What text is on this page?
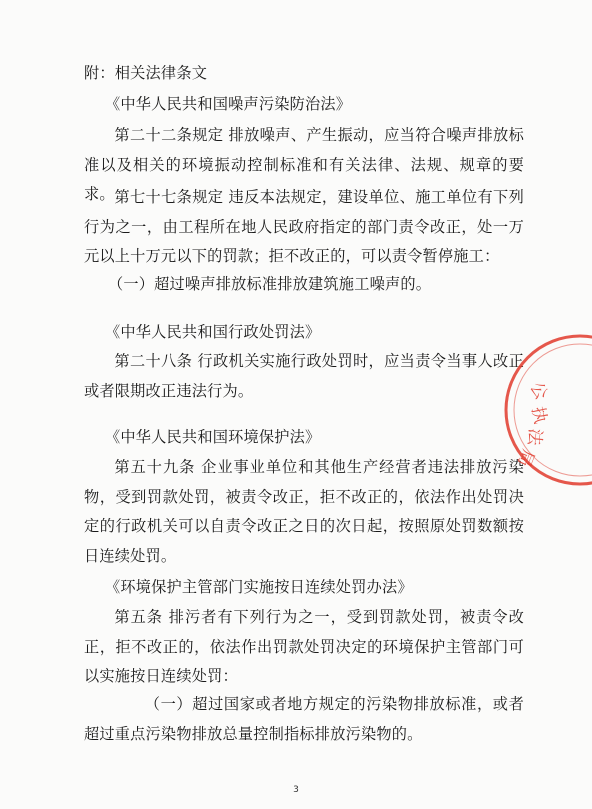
附：相关法律条文
《中华人民共和国噪声污染防治法》
第二十二条规定 排放噪声、产生振动，应当符合噪声排放标准以及相关的环境振动控制标准和有关法律、法规、规章的要求。 第七十七条规定 违反本法规定，建设单位、施工单位有下列行为之一，由工程所在地人民政府指定的部门责令改正，处一万元以上十万元以下的罚款；拒不改正的，可以责令暂停施工：
（一）超过噪声排放标准排放建筑施工噪声的。
《中华人民共和国行政处罚法》
第二十八条 行政机关实施行政处罚时，应当责令当事人改正或者限期改正违法行为。
《中华人民共和国环境保护法》
第五十九条 企业事业单位和其他生产经营者违法排放污染物，受到罚款处罚，被责令改正，拒不改正的，依法作出处罚决定的行政机关可以自责令改正之日的次日起，按照原处罚数额按日连续处罚。
《环境保护主管部门实施按日连续处罚办法》
第五条 排污者有下列行为之一，受到罚款处罚，被责令改正，拒不改正的，依法作出罚款处罚决定的环境保护主管部门可以实施按日连续处罚：
（一）超过国家或者地方规定的污染物排放标准，或者超过重点污染物排放总量控制指标排放污染物的。
公
执
法
局
3
